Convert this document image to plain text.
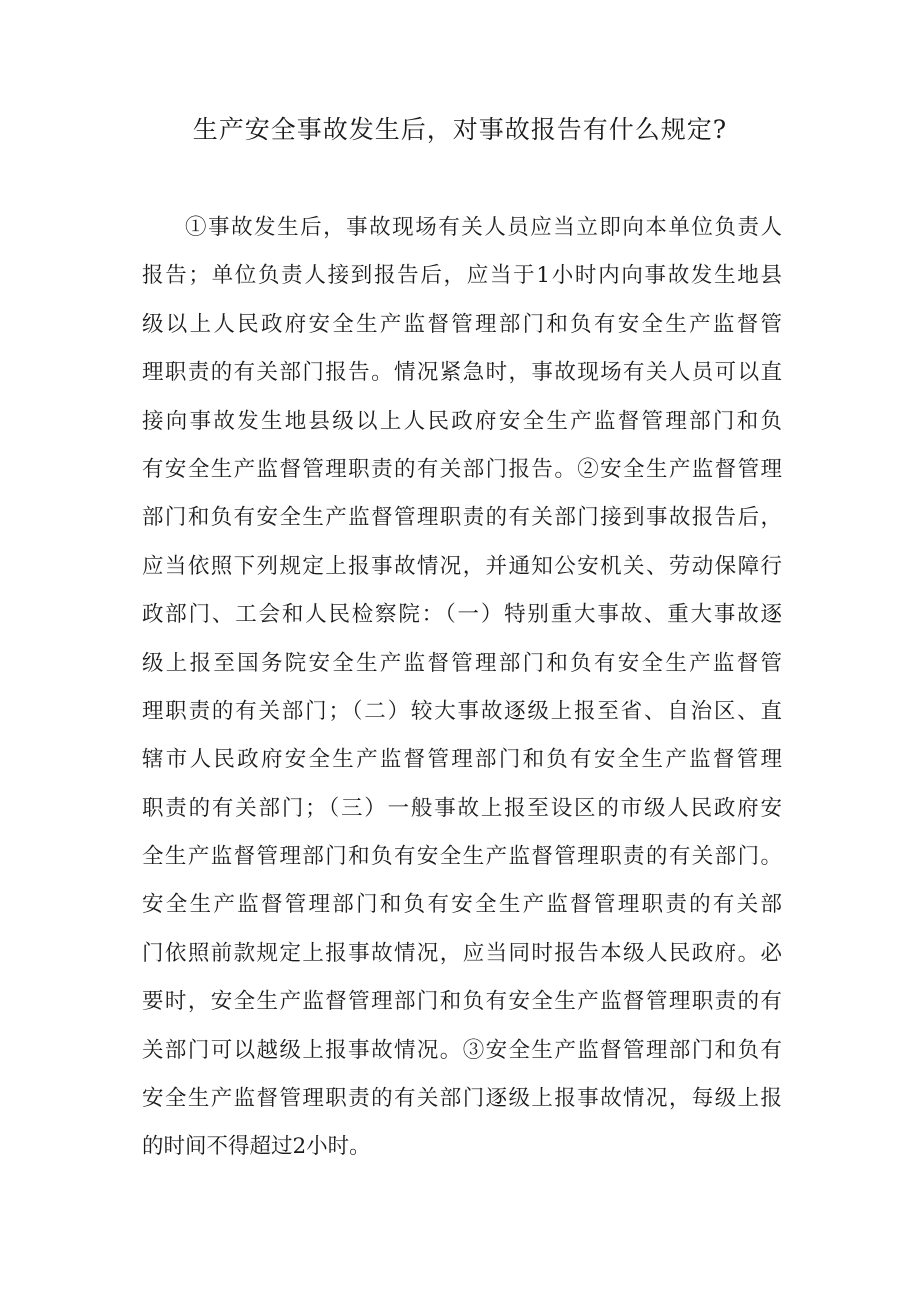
生产安全事故发生后，对事故报告有什么规定?
①事故发生后，事故现场有关人员应当立即向本单位负责人
报告；单位负责人接到报告后，应当于1小时内向事故发生地县
级以上人民政府安全生产监督管理部门和负有安全生产监督管
理职责的有关部门报告。情况紧急时，事故现场有关人员可以直
接向事故发生地县级以上人民政府安全生产监督管理部门和负
有安全生产监督管理职责的有关部门报告。②安全生产监督管理
部门和负有安全生产监督管理职责的有关部门接到事故报告后，
应当依照下列规定上报事故情况，并通知公安机关、劳动保障行
政部门、工会和人民检察院：（一）特别重大事故、重大事故逐
级上报至国务院安全生产监督管理部门和负有安全生产监督管
理职责的有关部门；（二）较大事故逐级上报至省、自治区、直
辖市人民政府安全生产监督管理部门和负有安全生产监督管理
职责的有关部门；（三）一般事故上报至设区的市级人民政府安
全生产监督管理部门和负有安全生产监督管理职责的有关部门。
安全生产监督管理部门和负有安全生产监督管理职责的有关部
门依照前款规定上报事故情况，应当同时报告本级人民政府。必
要时，安全生产监督管理部门和负有安全生产监督管理职责的有
关部门可以越级上报事故情况。③安全生产监督管理部门和负有
安全生产监督管理职责的有关部门逐级上报事故情况，每级上报
的时间不得超过2小时。
